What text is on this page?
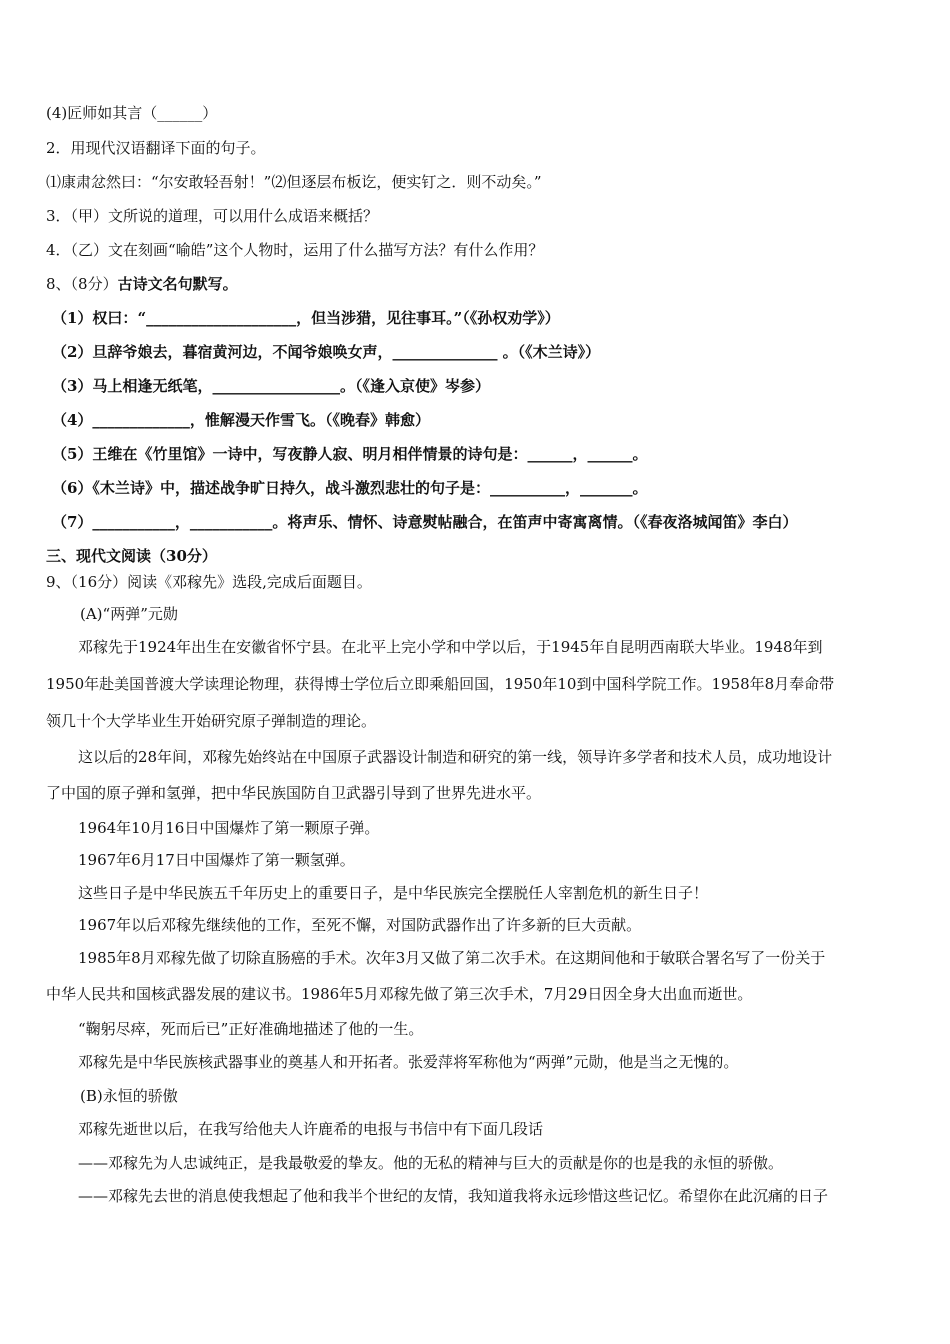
(4)匠师如其言（______）
2．用现代汉语翻译下面的句子。
⑴康肃忿然曰：“尔安敢轻吾射！”⑵但逐层布板讫，便实钉之．则不动矣。”
3．（甲）文所说的道理，可以用什么成语来概括？
4．（乙）文在刻画“喻皓”这个人物时，运用了什么描写方法？有什么作用？
8、（8分）古诗文名句默写。
（1）权曰：“____________________，但当涉猎，见往事耳。”（《孙权劝学》）
（2）旦辞爷娘去，暮宿黄河边，不闻爷娘唤女声，______________ 。（《木兰诗》）
（3）马上相逢无纸笔，_________________。（《逢入京使》岑参）
（4）_____________，惟解漫天作雪飞。（《晚春》韩愈）
（5）王维在《竹里馆》一诗中，写夜静人寂、明月相伴情景的诗句是：______，______。
（6）《木兰诗》中，描述战争旷日持久，战斗激烈悲壮的句子是：__________，_______。
（7）___________，___________。将声乐、情怀、诗意熨帖融合，在笛声中寄寓离情。（《春夜洛城闻笛》李白）
三、现代文阅读（30分）
9、（16分）阅读《邓稼先》选段,完成后面题目。
(A)“两弹”元勋
邓稼先于1924年出生在安徽省怀宁县。在北平上完小学和中学以后，于1945年自昆明西南联大毕业。1948年到
1950年赴美国普渡大学读理论物理，获得博士学位后立即乘船回国，1950年10到中国科学院工作。1958年8月奉命带
领几十个大学毕业生开始研究原子弹制造的理论。
这以后的28年间，邓稼先始终站在中国原子武器设计制造和研究的第一线，领导许多学者和技术人员，成功地设计
了中国的原子弹和氢弹，把中华民族国防自卫武器引导到了世界先进水平。
1964年10月16日中国爆炸了第一颗原子弹。
1967年6月17日中国爆炸了第一颗氢弹。
这些日子是中华民族五千年历史上的重要日子，是中华民族完全摆脱任人宰割危机的新生日子！
1967年以后邓稼先继续他的工作，至死不懈，对国防武器作出了许多新的巨大贡献。
1985年8月邓稼先做了切除直肠癌的手术。次年3月又做了第二次手术。在这期间他和于敏联合署名写了一份关于
中华人民共和国核武器发展的建议书。1986年5月邓稼先做了第三次手术，7月29日因全身大出血而逝世。
“鞠躬尽瘁，死而后已”正好准确地描述了他的一生。
邓稼先是中华民族核武器事业的奠基人和开拓者。张爱萍将军称他为“两弹”元勋，他是当之无愧的。
(B)永恒的骄傲
邓稼先逝世以后，在我写给他夫人许鹿希的电报与书信中有下面几段话
——邓稼先为人忠诚纯正，是我最敬爱的挚友。他的无私的精神与巨大的贡献是你的也是我的永恒的骄傲。
——邓稼先去世的消息使我想起了他和我半个世纪的友情，我知道我将永远珍惜这些记忆。希望你在此沉痛的日子
